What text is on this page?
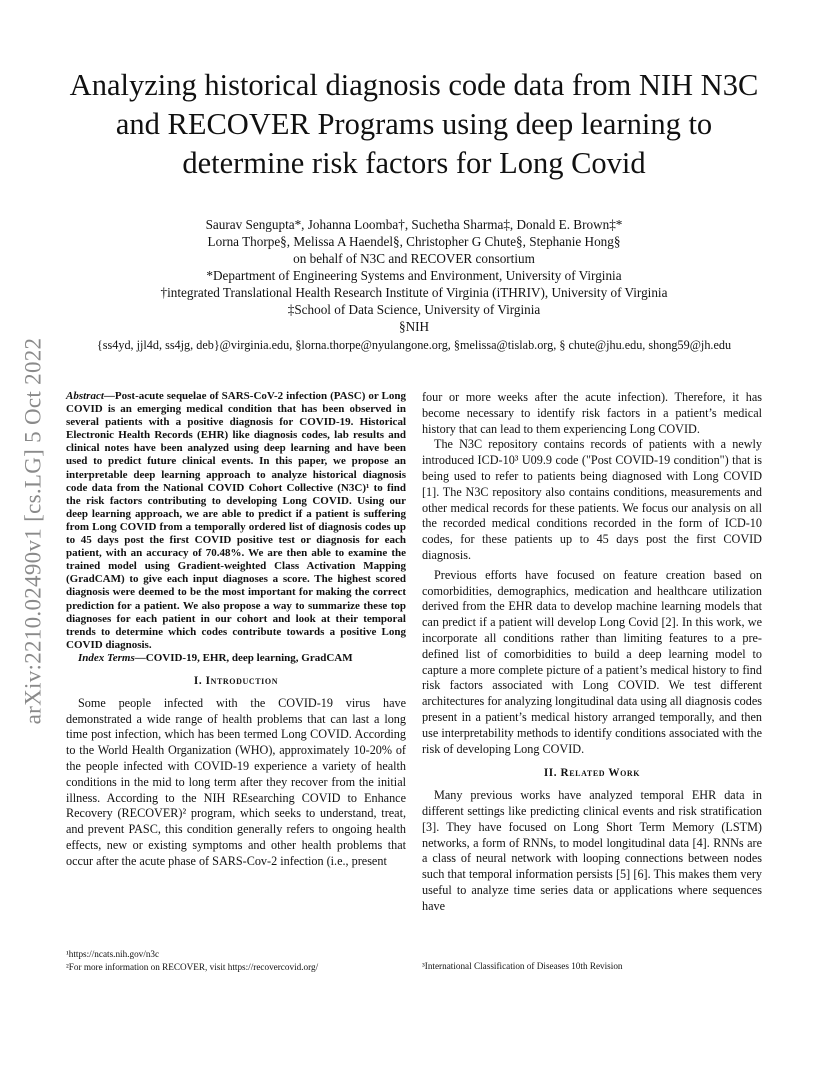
arXiv:2210.02490v1 [cs.LG] 5 Oct 2022
Analyzing historical diagnosis code data from NIH N3C and RECOVER Programs using deep learning to determine risk factors for Long Covid

Saurav Sengupta*, Johanna Loomba†, Suchetha Sharma‡, Donald E. Brown‡*

Lorna Thorpe§, Melissa A Haendel§, Christopher G Chute§, Stephanie Hong§

on behalf of N3C and RECOVER consortium

*Department of Engineering Systems and Environment, University of Virginia

†integrated Translational Health Research Institute of Virginia (iTHRIV), University of Virginia

‡School of Data Science, University of Virginia

§NIH

{ss4yd, jjl4d, ss4jg, deb}@virginia.edu, §lorna.thorpe@nyulangone.org, §melissa@tislab.org, § chute@jhu.edu, shong59@jh.edu

Abstract—Post-acute sequelae of SARS-CoV-2 infection (PASC) or Long COVID is an emerging medical condition that has been observed in several patients with a positive diagnosis for COVID-19. Historical Electronic Health Records (EHR) like diagnosis codes, lab results and clinical notes have been analyzed using deep learning and have been used to predict future clinical events. In this paper, we propose an interpretable deep learning approach to analyze historical diagnosis code data from the National COVID Cohort Collective (N3C)¹ to find the risk factors contributing to developing Long COVID. Using our deep learning approach, we are able to predict if a patient is suffering from Long COVID from a temporally ordered list of diagnosis codes up to 45 days post the first COVID positive test or diagnosis for each patient, with an accuracy of 70.48%. We are then able to examine the trained model using Gradient-weighted Class Activation Mapping (GradCAM) to give each input diagnoses a score. The highest scored diagnosis were deemed to be the most important for making the correct prediction for a patient. We also propose a way to summarize these top diagnoses for each patient in our cohort and look at their temporal trends to determine which codes contribute towards a positive Long COVID diagnosis.

Index Terms—COVID-19, EHR, deep learning, GradCAM

I. Introduction

Some people infected with the COVID-19 virus have demonstrated a wide range of health problems that can last a long time post infection, which has been termed Long COVID. According to the World Health Organization (WHO), approximately 10-20% of the people infected with COVID-19 experience a variety of health conditions in the mid to long term after they recover from the initial illness. According to the NIH REsearching COVID to Enhance Recovery (RECOVER)² program, which seeks to understand, treat, and prevent PASC, this condition generally refers to ongoing health effects, new or existing symptoms and other health problems that occur after the acute phase of SARS-Cov-2 infection (i.e., present

four or more weeks after the acute infection). Therefore, it has become necessary to identify risk factors in a patient’s medical history that can lead to them experiencing Long COVID.

The N3C repository contains records of patients with a newly introduced ICD-10³ U09.9 code ("Post COVID-19 condition") that is being used to refer to patients being diagnosed with Long COVID [1]. The N3C repository also contains conditions, measurements and other medical records for these patients. We focus our analysis on all the recorded medical conditions recorded in the form of ICD-10 codes, for these patients up to 45 days post the first COVID diagnosis.

Previous efforts have focused on feature creation based on comorbidities, demographics, medication and healthcare utilization derived from the EHR data to develop machine learning models that can predict if a patient will develop Long Covid [2]. In this work, we incorporate all conditions rather than limiting features to a pre-defined list of comorbidities to build a deep learning model to capture a more complete picture of a patient’s medical history to find risk factors associated with Long COVID. We test different architectures for analyzing longitudinal data using all diagnosis codes present in a patient’s medical history arranged temporally, and then use interpretability methods to identify conditions associated with the risk of developing Long COVID.

II. Related Work

Many previous works have analyzed temporal EHR data in different settings like predicting clinical events and risk stratification [3]. They have focused on Long Short Term Memory (LSTM) networks, a form of RNNs, to model longitudinal data [4]. RNNs are a class of neural network with looping connections between nodes such that temporal information persists [5] [6]. This makes them very useful to analyze time series data or applications where sequences have

¹https://ncats.nih.gov/n3c

²For more information on RECOVER, visit https://recovercovid.org/	³International Classification of Diseases 10th Revision
